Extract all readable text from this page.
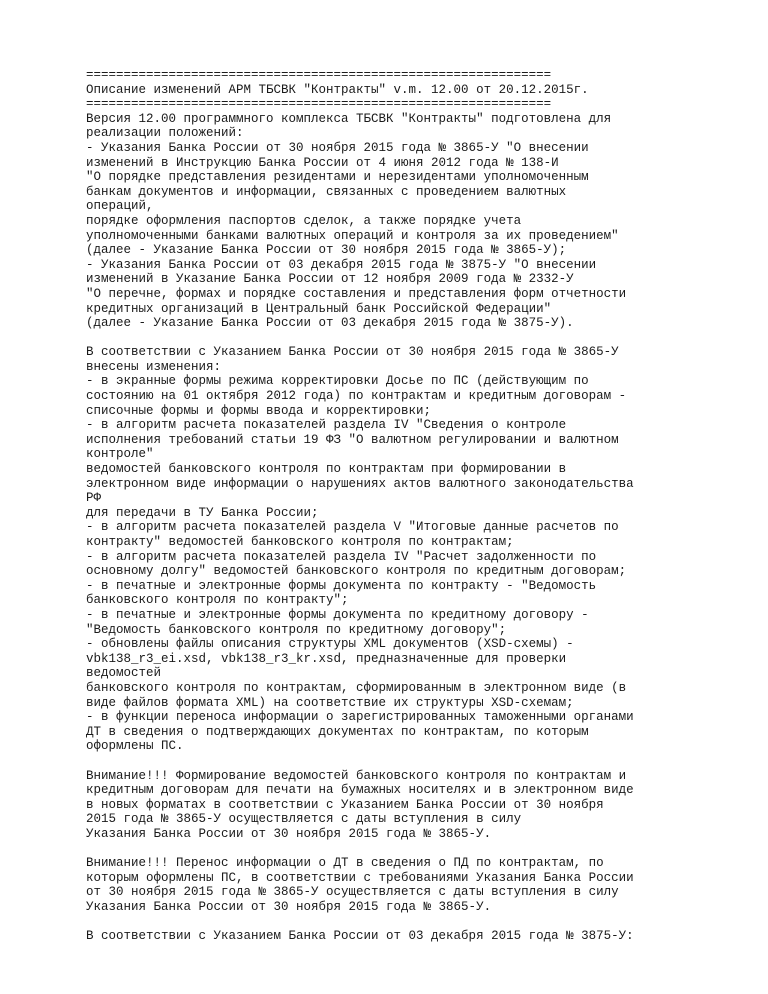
==============================================================
Описание изменений АРМ ТБСВК "Контракты" v.m. 12.00 от 20.12.2015г.
==============================================================
Версия 12.00 программного комплекса ТБСВК "Контракты" подготовлена для
реализации положений:
- Указания Банка России от 30 ноября 2015 года № 3865-У "О внесении
изменений в Инструкцию Банка России от 4 июня 2012 года № 138-И
"О порядке представления резидентами и нерезидентами уполномоченным
банкам документов и информации, связанных с проведением валютных
операций,
порядке оформления паспортов сделок, а также порядке учета
уполномоченными банками валютных операций и контроля за их проведением"
(далее - Указание Банка России от 30 ноября 2015 года № 3865-У);
- Указания Банка России от 03 декабря 2015 года № 3875-У "О внесении
изменений в Указание Банка России от 12 ноября 2009 года № 2332-У
"О перечне, формах и порядке составления и представления форм отчетности
кредитных организаций в Центральный банк Российской Федерации"
(далее - Указание Банка России от 03 декабря 2015 года № 3875-У).
В соответствии с Указанием Банка России от 30 ноября 2015 года № 3865-У
внесены изменения:
- в экранные формы режима корректировки Досье по ПС (действующим по
состоянию на 01 октября 2012 года) по контрактам и кредитным договорам -
списочные формы и формы ввода и корректировки;
- в алгоритм расчета показателей раздела IV "Сведения о контроле
исполнения требований статьи 19 ФЗ "О валютном регулировании и валютном
контроле"
ведомостей банковского контроля по контрактам при формировании в
электронном виде информации о нарушениях актов валютного законодательства
РФ
для передачи в ТУ Банка России;
- в алгоритм расчета показателей раздела V "Итоговые данные расчетов по
контракту" ведомостей банковского контроля по контрактам;
- в алгоритм расчета показателей раздела IV "Расчет задолженности по
основному долгу" ведомостей банковского контроля по кредитным договорам;
- в печатные и электронные формы документа по контракту - "Ведомость
банковского контроля по контракту";
- в печатные и электронные формы документа по кредитному договору -
"Ведомость банковского контроля по кредитному договору";
- обновлены файлы описания структуры XML документов (XSD-схемы) -
vbk138_r3_ei.xsd, vbk138_r3_kr.xsd, предназначенные для проверки
ведомостей
банковского контроля по контрактам, сформированным в электронном виде (в
виде файлов формата XML) на соответствие их структуры XSD-схемам;
- в функции переноса информации о зарегистрированных таможенными органами
ДТ в сведения о подтверждающих документах по контрактам, по которым
оформлены ПС.
Внимание!!! Формирование ведомостей банковского контроля по контрактам и
кредитным договорам для печати на бумажных носителях и в электронном виде
в новых форматах в соответствии с Указанием Банка России от 30 ноября
2015 года № 3865-У осуществляется с даты вступления в силу
Указания Банка России от 30 ноября 2015 года № 3865-У.
Внимание!!! Перенос информации о ДТ в сведения о ПД по контрактам, по
которым оформлены ПС, в соответствии с требованиями Указания Банка России
от 30 ноября 2015 года № 3865-У осуществляется с даты вступления в силу
Указания Банка России от 30 ноября 2015 года № 3865-У.
В соответствии с Указанием Банка России от 03 декабря 2015 года № 3875-У:
